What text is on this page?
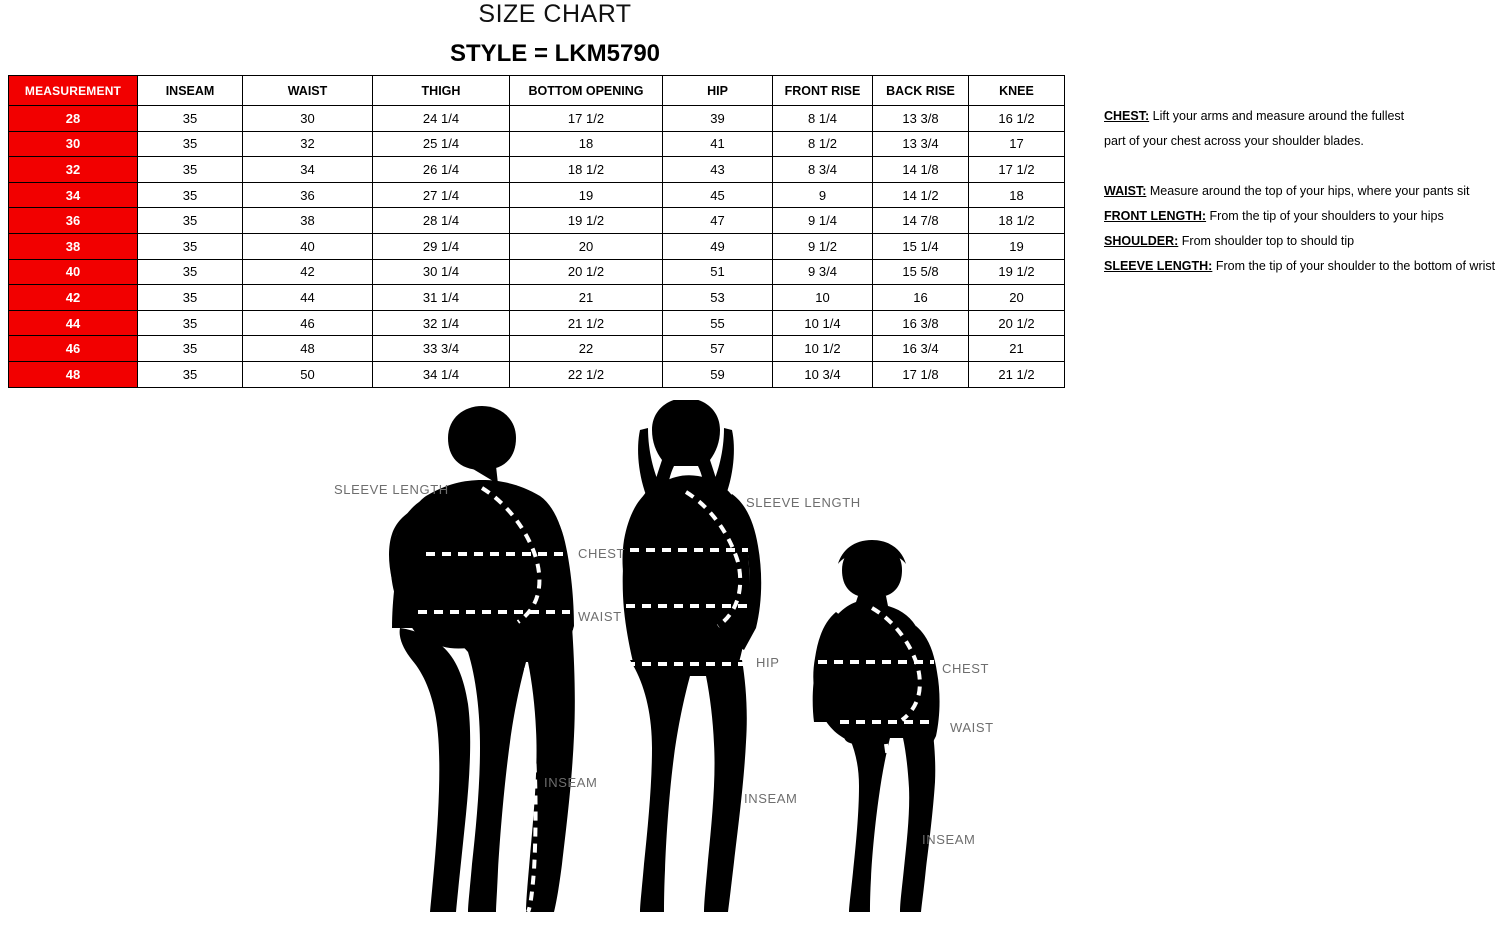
SIZE CHART
STYLE = LKM5790
MEASUREMENT	INSEAM	WAIST	THIGH	BOTTOM OPENING	HIP	FRONT RISE	BACK RISE	KNEE
28	35	30	24 1/4	17 1/2	39	8 1/4	13 3/8	16 1/2
30	35	32	25 1/4	18	41	8 1/2	13 3/4	17
32	35	34	26 1/4	18 1/2	43	8 3/4	14 1/8	17 1/2
34	35	36	27 1/4	19	45	9	14 1/2	18
36	35	38	28 1/4	19 1/2	47	9 1/4	14 7/8	18 1/2
38	35	40	29 1/4	20	49	9 1/2	15 1/4	19
40	35	42	30 1/4	20 1/2	51	9 3/4	15 5/8	19 1/2
42	35	44	31 1/4	21	53	10	16	20
44	35	46	32 1/4	21 1/2	55	10 1/4	16 3/8	20 1/2
46	35	48	33 3/4	22	57	10 1/2	16 3/4	21
48	35	50	34 1/4	22 1/2	59	10 3/4	17 1/8	21 1/2
CHEST: Lift your arms and measure around the fullest
part of your chest across your shoulder blades.
WAIST: Measure around the top of your hips, where your pants sit
FRONT LENGTH: From the tip of your shoulders to your hips
SHOULDER: From shoulder top to should tip
SLEEVE LENGTH: From the tip of your shoulder to the bottom of wrist
SLEEVE LENGTH
CHEST
WAIST
INSEAM
SLEEVE LENGTH
HIP
INSEAM
CHEST
WAIST
INSEAM
